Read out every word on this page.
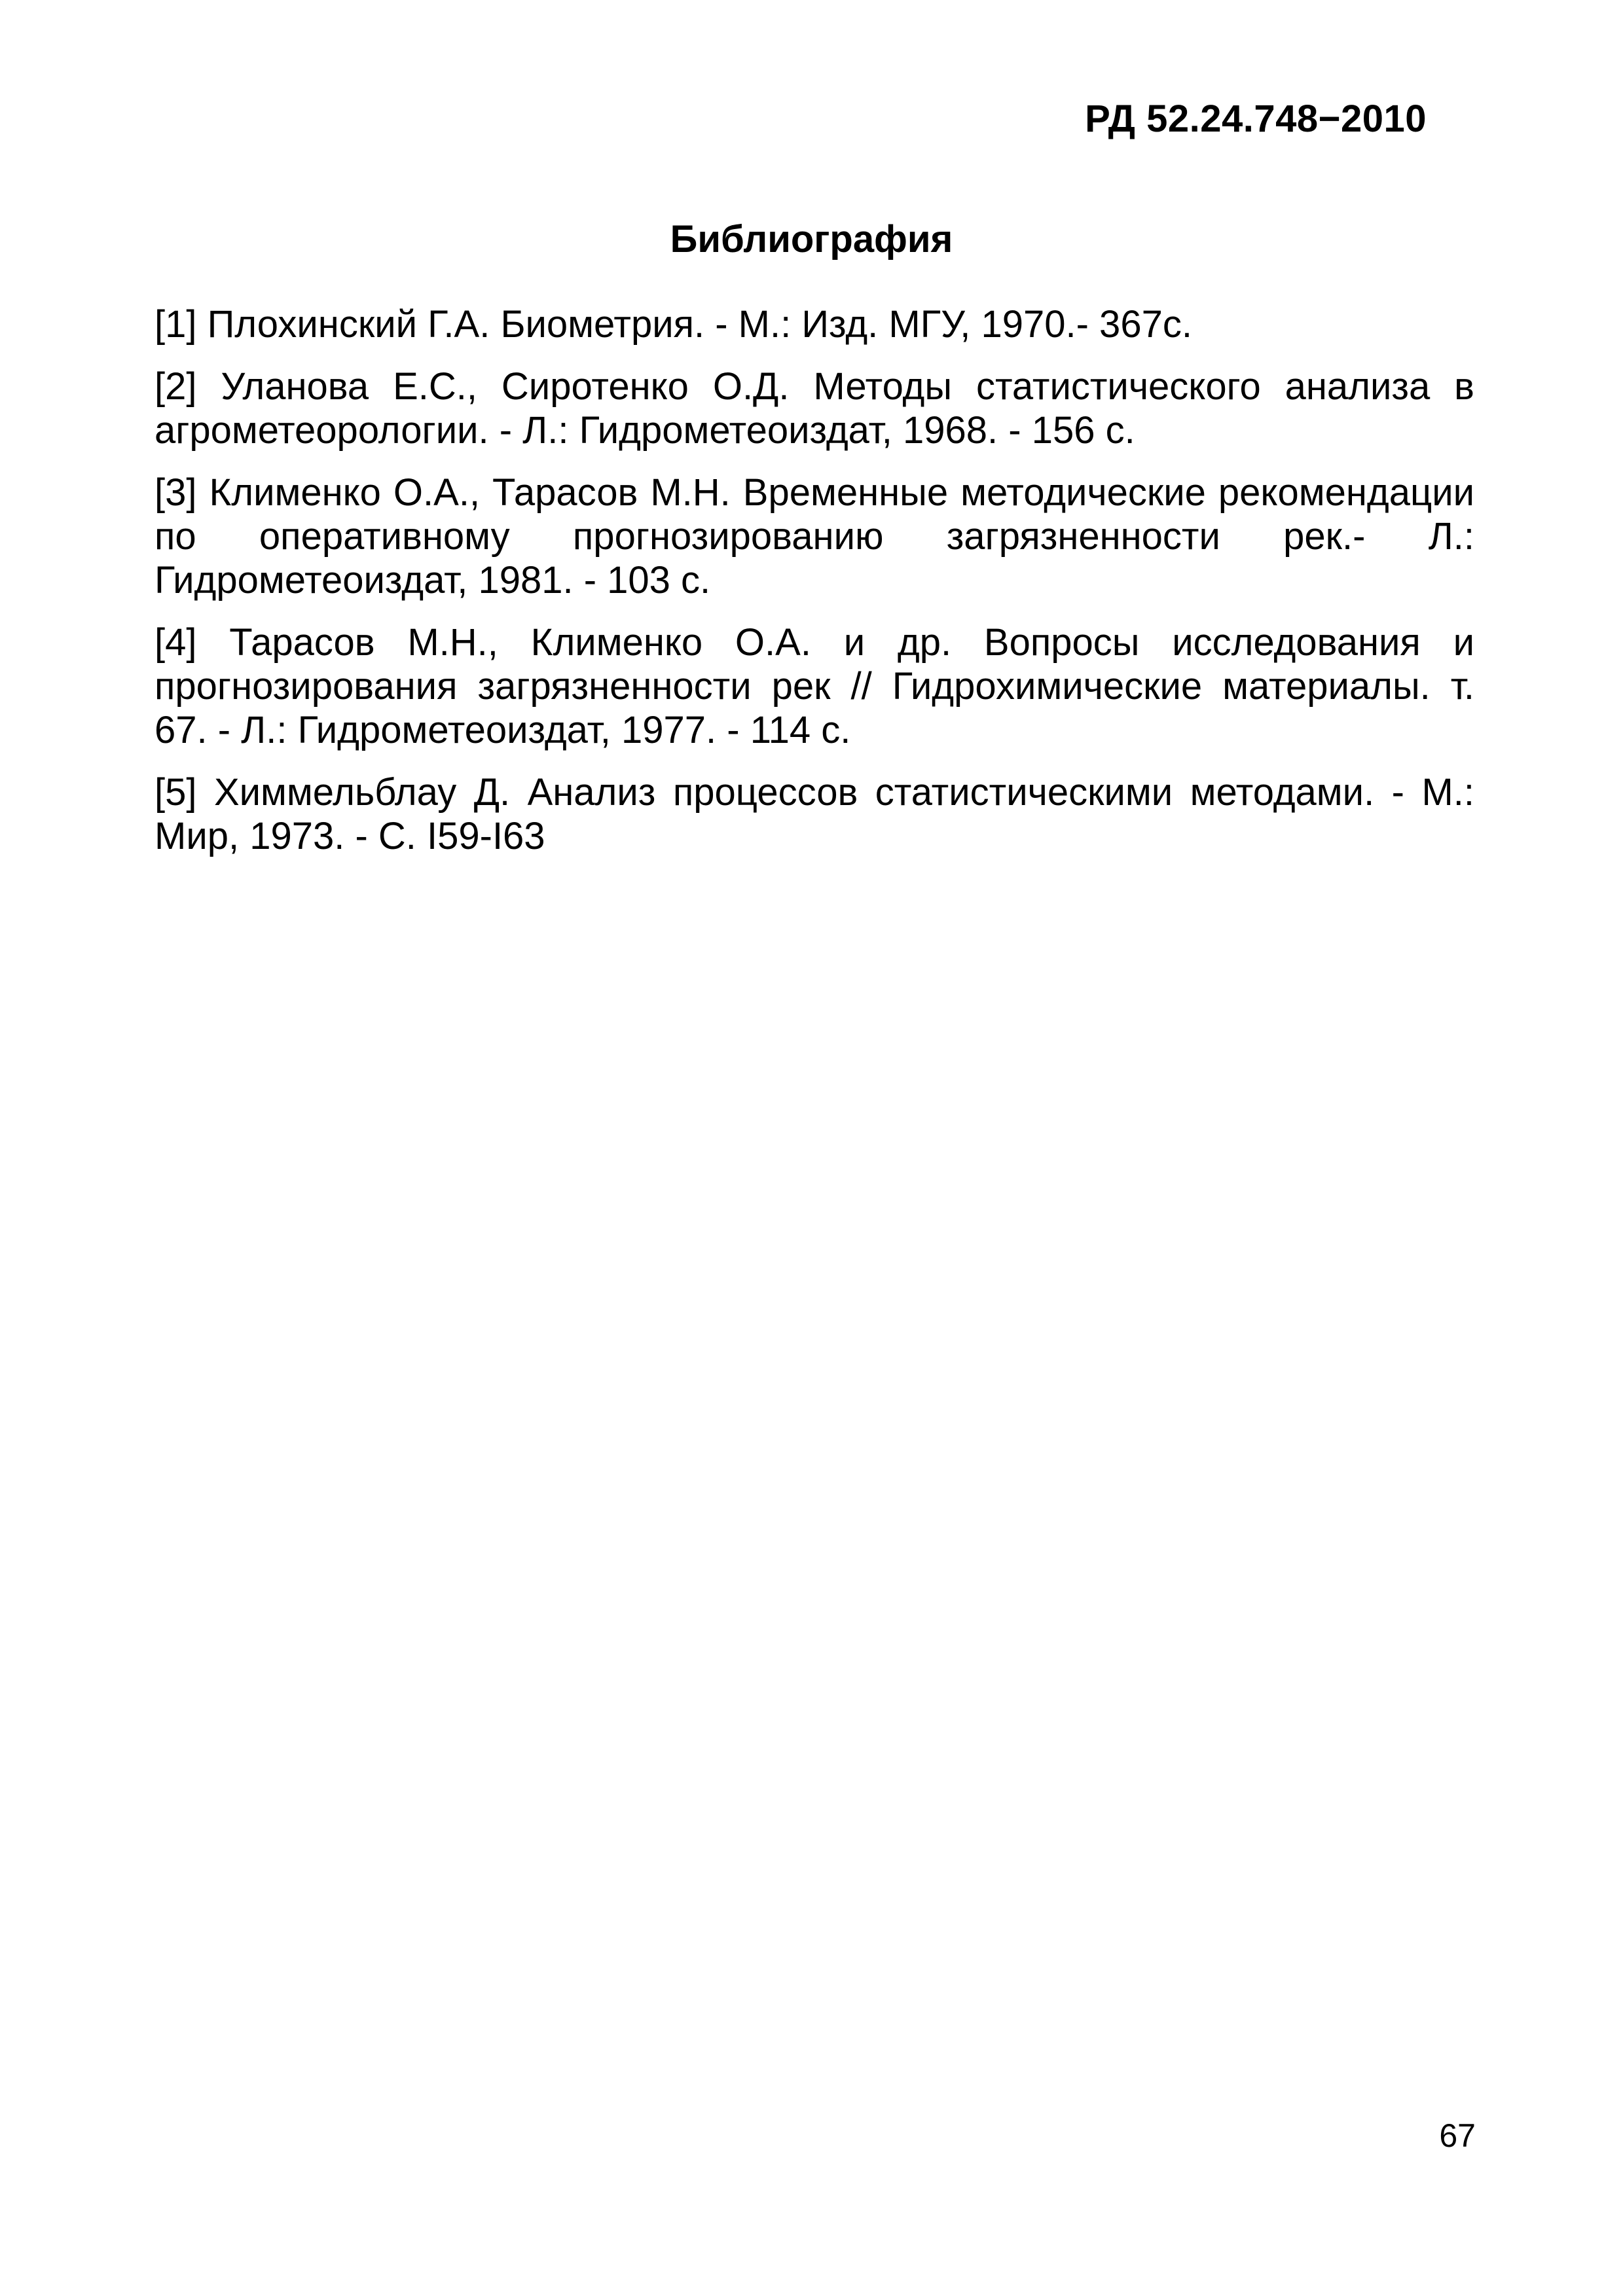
РД 52.24.748−2010
Библиография
[1] Плохинский Г.А. Биометрия. - М.: Изд. МГУ, 1970.- 367с.
[2] Уланова Е.С., Сиротенко О.Д. Методы статистического анализа в агрометеорологии. - Л.: Гидрометеоиздат, 1968. - 156 с.
[3] Клименко О.А., Тарасов М.Н. Временные методические рекомендации по оперативному прогнозированию загрязненности рек.- Л.: Гидрометеоиздат, 1981. - 103 с.
[4] Тарасов М.Н., Клименко О.А. и др. Вопросы исследования и прогнозирования загрязненности рек // Гидрохимические материалы. т. 67. - Л.: Гидрометеоиздат, 1977. - 114 с.
[5] Химмельблау Д. Анализ процессов статистическими методами. - М.: Мир, 1973. - С. I59-I63
67
